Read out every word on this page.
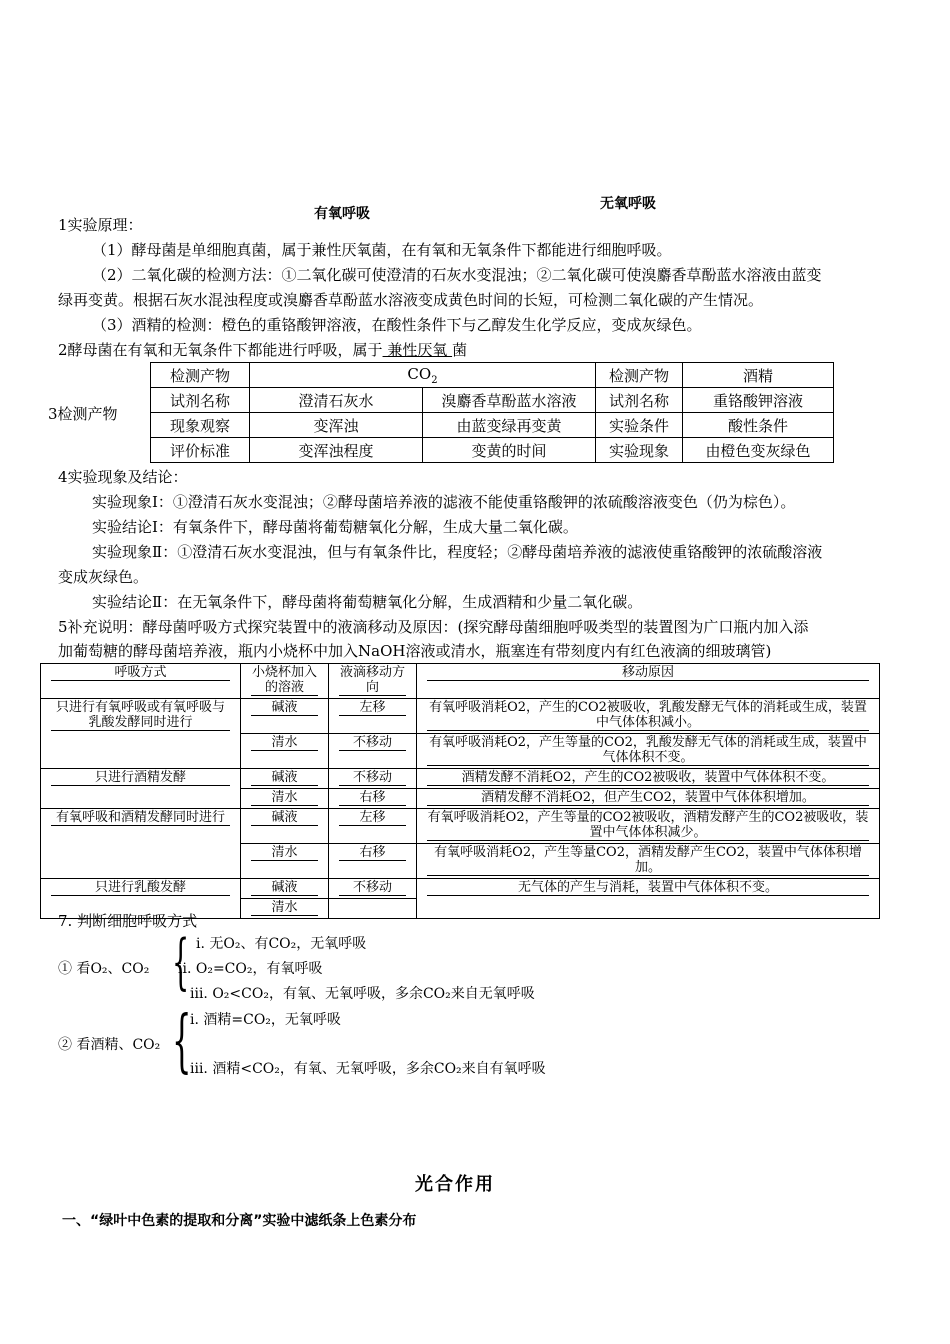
有氧呼吸
无氧呼吸
1实验原理：
（1）酵母菌是单细胞真菌，属于兼性厌氧菌，在有氧和无氧条件下都能进行细胞呼吸。
（2）二氧化碳的检测方法：①二氧化碳可使澄清的石灰水变混浊；②二氧化碳可使溴麝香草酚蓝水溶液由蓝变
绿再变黄。根据石灰水混浊程度或溴麝香草酚蓝水溶液变成黄色时间的长短，可检测二氧化碳的产生情况。
（3）酒精的检测：橙色的重铬酸钾溶液，在酸性条件下与乙醇发生化学反应，变成灰绿色。
2酵母菌在有氧和无氧条件下都能进行呼吸，属于 兼性厌氧 菌
3检测产物
检测产物	$CO_2$		检测产物	酒精
试剂名称	澄清石灰水	溴麝香草酚蓝水溶液	试剂名称	重铬酸钾溶液
现象观察	变浑浊	由蓝变绿再变黄	实验条件	酸性条件
评价标准	变浑浊程度	变黄的时间	实验现象	由橙色变灰绿色
4实验现象及结论：
实验现象Ⅰ：①澄清石灰水变混浊；②酵母菌培养液的滤液不能使重铬酸钾的浓硫酸溶液变色（仍为棕色）。
实验结论Ⅰ：有氧条件下，酵母菌将葡萄糖氧化分解，生成大量二氧化碳。
实验现象Ⅱ：①澄清石灰水变混浊，但与有氧条件比，程度轻；②酵母菌培养液的滤液使重铬酸钾的浓硫酸溶液
变成灰绿色。
实验结论Ⅱ：在无氧条件下，酵母菌将葡萄糖氧化分解，生成酒精和少量二氧化碳。
5补充说明：酵母菌呼吸方式探究装置中的液滴移动及原因：(探究酵母菌细胞呼吸类型的装置图为广口瓶内加入添
加葡萄糖的酵母菌培养液，瓶内小烧杯中加入NaOH溶液或清水，瓶塞连有带刻度内有红色液滴的细玻璃管)
呼吸方式	小烧杯加入的溶液	液滴移动方向	移动原因

只进行有氧呼吸或有氧呼吸与乳酸发酵同时进行	碱液	左移	有氧呼吸消耗O2，产生的CO2被吸收，乳酸发酵无气体的消耗或生成，装置中气体体积减小。

	清水	不移动	有氧呼吸消耗O2，产生等量的CO2，乳酸发酵无气体的消耗或生成，装置中气体体积不变。

只进行酒精发酵	碱液	不移动	酒精发酵不消耗O2，产生的CO2被吸收，装置中气体体积不变。

	清水	右移	酒精发酵不消耗O2，但产生CO2，装置中气体体积增加。

有氧呼吸和酒精发酵同时进行	碱液	左移	有氧呼吸消耗O2，产生等量的CO2被吸收，酒精发酵产生的CO2被吸收，装置中气体体积减少。

	清水	右移	有氧呼吸消耗O2，产生等量CO2，酒精发酵产生CO2，装置中气体体积增加。

只进行乳酸发酵	碱液	不移动	无气体的产生与消耗，装置中气体体积不变。

	清水		

7. 判断细胞呼吸方式
① 看O₂、CO₂ { ⅰ. 无O₂、有CO₂，无氧呼吸
ⅱ. O₂=CO₂，有氧呼吸
ⅲ. O₂<CO₂，有氧、无氧呼吸，多余CO₂来自无氧呼吸
② 看酒精、CO₂ {
ⅰ. 酒精=CO₂，无氧呼吸
ⅲ. 酒精<CO₂，有氧、无氧呼吸，多余CO₂来自有氧呼吸
光合作用
一、“绿叶中色素的提取和分离”实验中滤纸条上色素分布
